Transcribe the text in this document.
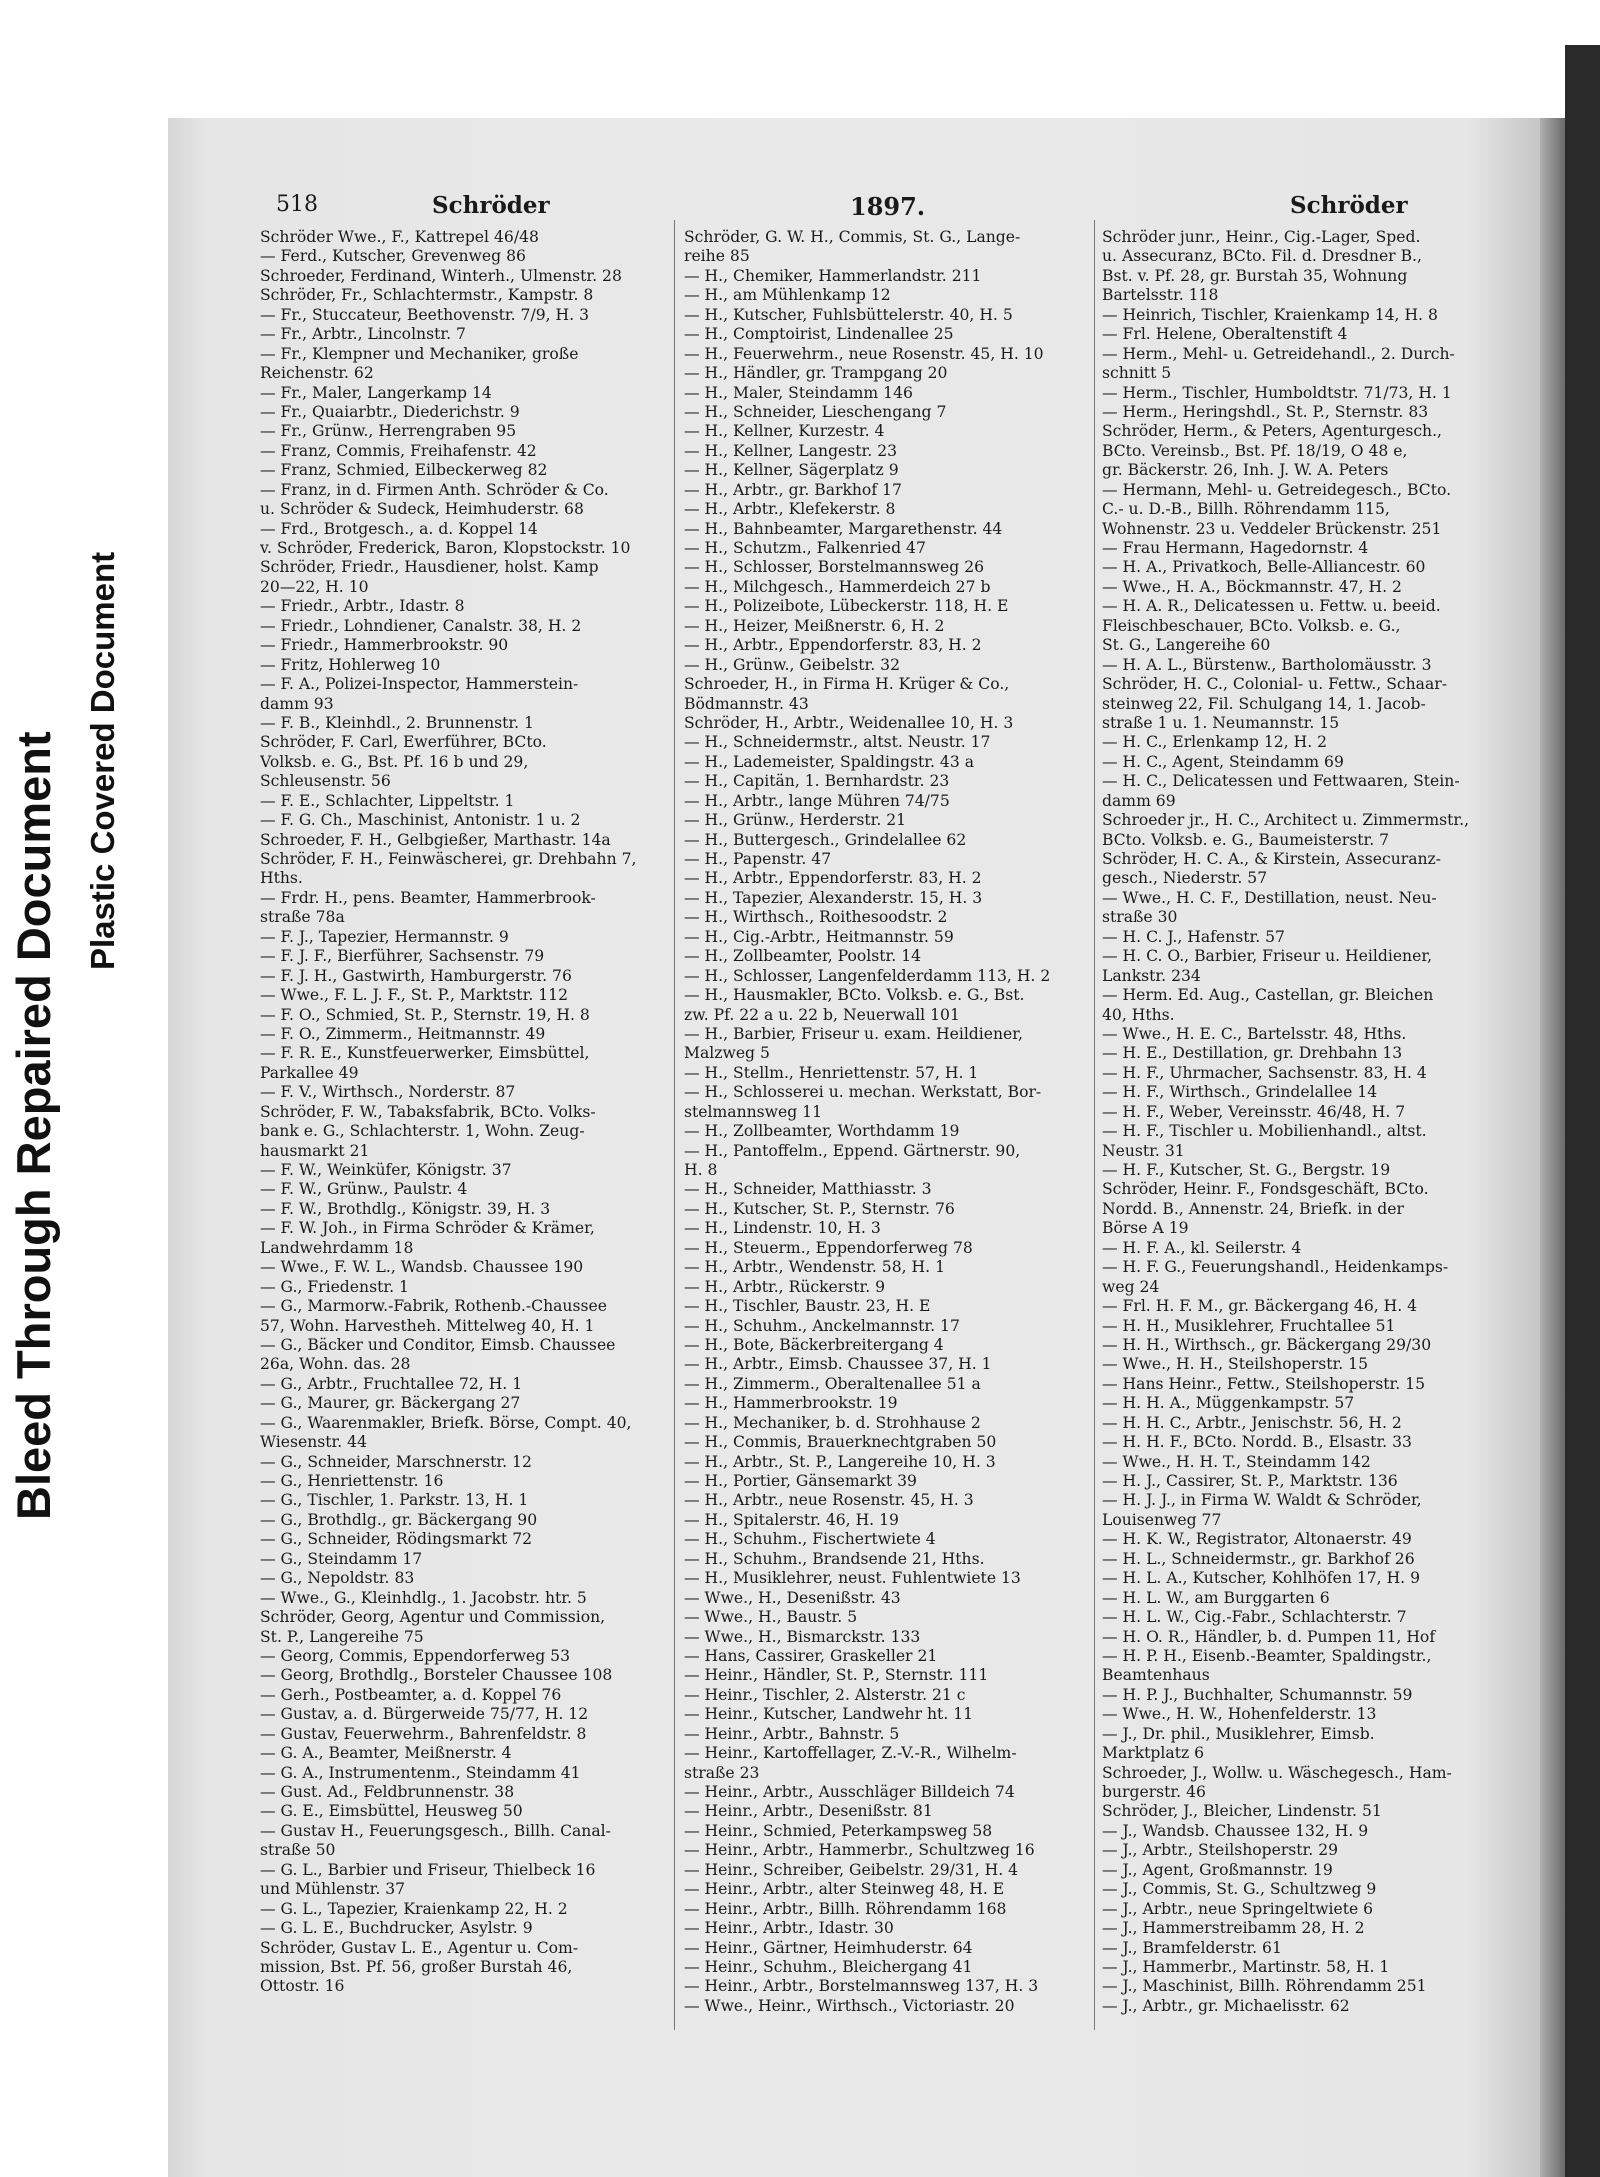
Bleed Through Repaired Document Plastic Covered Document
518	Schröder	1897.	Schröder
Schröder Wwe., F., Kattrepel 46/48
— Ferd., Kutscher, Grevenweg 86
Schroeder, Ferdinand, Winterh., Ulmenstr. 28
Schröder, Fr., Schlachtermstr., Kampstr. 8
— Fr., Stuccateur, Beethovenstr. 7/9, H. 3
— Fr., Arbtr., Lincolnstr. 7
— Fr., Klempner und Mechaniker, große
Reichenstr. 62
— Fr., Maler, Langerkamp 14
— Fr., Quaiarbtr., Diederichstr. 9
— Fr., Grünw., Herrengraben 95
— Franz, Commis, Freihafenstr. 42
— Franz, Schmied, Eilbeckerweg 82
— Franz, in d. Firmen Anth. Schröder & Co.
u. Schröder & Sudeck, Heimhuderstr. 68
— Frd., Brotgesch., a. d. Koppel 14
v. Schröder, Frederick, Baron, Klopstockstr. 10
Schröder, Friedr., Hausdiener, holst. Kamp
20—22, H. 10
— Friedr., Arbtr., Idastr. 8
— Friedr., Lohndiener, Canalstr. 38, H. 2
— Friedr., Hammerbrookstr. 90
— Fritz, Hohlerweg 10
— F. A., Polizei-Inspector, Hammerstein-
damm 93
— F. B., Kleinhdl., 2. Brunnenstr. 1
Schröder, F. Carl, Ewerführer, BCto.
Volksb. e. G., Bst. Pf. 16 b und 29,
Schleusenstr. 56
— F. E., Schlachter, Lippeltstr. 1
— F. G. Ch., Maschinist, Antonistr. 1 u. 2
Schroeder, F. H., Gelbgießer, Marthastr. 14a
Schröder, F. H., Feinwäscherei, gr. Drehbahn 7,
Hths.
— Frdr. H., pens. Beamter, Hammerbrook-
straße 78a
— F. J., Tapezier, Hermannstr. 9
— F. J. F., Bierführer, Sachsenstr. 79
— F. J. H., Gastwirth, Hamburgerstr. 76
— Wwe., F. L. J. F., St. P., Marktstr. 112
— F. O., Schmied, St. P., Sternstr. 19, H. 8
— F. O., Zimmerm., Heitmannstr. 49
— F. R. E., Kunstfeuerwerker, Eimsbüttel,
Parkallee 49
— F. V., Wirthsch., Norderstr. 87
Schröder, F. W., Tabaksfabrik, BCto. Volks-
bank e. G., Schlachterstr. 1, Wohn. Zeug-
hausmarkt 21
— F. W., Weinküfer, Königstr. 37
— F. W., Grünw., Paulstr. 4
— F. W., Brothdlg., Königstr. 39, H. 3
— F. W. Joh., in Firma Schröder & Krämer,
Landwehrdamm 18
— Wwe., F. W. L., Wandsb. Chaussee 190
— G., Friedenstr. 1
— G., Marmorw.-Fabrik, Rothenb.-Chaussee
57, Wohn. Harvestheh. Mittelweg 40, H. 1
— G., Bäcker und Conditor, Eimsb. Chaussee
26a, Wohn. das. 28
— G., Arbtr., Fruchtallee 72, H. 1
— G., Maurer, gr. Bäckergang 27
— G., Waarenmakler, Briefk. Börse, Compt. 40,
Wiesenstr. 44
— G., Schneider, Marschnerstr. 12
— G., Henriettenstr. 16
— G., Tischler, 1. Parkstr. 13, H. 1
— G., Brothdlg., gr. Bäckergang 90
— G., Schneider, Rödingsmarkt 72
— G., Steindamm 17
— G., Nepoldstr. 83
— Wwe., G., Kleinhdlg., 1. Jacobstr. htr. 5
Schröder, Georg, Agentur und Commission,
St. P., Langereihe 75
— Georg, Commis, Eppendorferweg 53
— Georg, Brothdlg., Borsteler Chaussee 108
— Gerh., Postbeamter, a. d. Koppel 76
— Gustav, a. d. Bürgerweide 75/77, H. 12
— Gustav, Feuerwehrm., Bahrenfeldstr. 8
— G. A., Beamter, Meißnerstr. 4
— G. A., Instrumentenm., Steindamm 41
— Gust. Ad., Feldbrunnenstr. 38
— G. E., Eimsbüttel, Heusweg 50
— Gustav H., Feuerungsgesch., Billh. Canal-
straße 50
— G. L., Barbier und Friseur, Thielbeck 16
und Mühlenstr. 37
— G. L., Tapezier, Kraienkamp 22, H. 2
— G. L. E., Buchdrucker, Asylstr. 9
Schröder, Gustav L. E., Agentur u. Com-
mission, Bst. Pf. 56, großer Burstah 46,
Ottostr. 16
Schröder, G. W. H., Commis, St. G., Lange-
reihe 85
— H., Chemiker, Hammerlandstr. 211
— H., am Mühlenkamp 12
— H., Kutscher, Fuhlsbüttelerstr. 40, H. 5
— H., Comptoirist, Lindenallee 25
— H., Feuerwehrm., neue Rosenstr. 45, H. 10
— H., Händler, gr. Trampgang 20
— H., Maler, Steindamm 146
— H., Schneider, Lieschengang 7
— H., Kellner, Kurzestr. 4
— H., Kellner, Langestr. 23
— H., Kellner, Sägerplatz 9
— H., Arbtr., gr. Barkhof 17
— H., Arbtr., Klefekerstr. 8
— H., Bahnbeamter, Margarethenstr. 44
— H., Schutzm., Falkenried 47
— H., Schlosser, Borstelmannsweg 26
— H., Milchgesch., Hammerdeich 27 b
— H., Polizeibote, Lübeckerstr. 118, H. E
— H., Heizer, Meißnerstr. 6, H. 2
— H., Arbtr., Eppendorferstr. 83, H. 2
— H., Grünw., Geibelstr. 32
Schroeder, H., in Firma H. Krüger & Co.,
Bödmannstr. 43
Schröder, H., Arbtr., Weidenallee 10, H. 3
— H., Schneidermstr., altst. Neustr. 17
— H., Lademeister, Spaldingstr. 43 a
— H., Capitän, 1. Bernhardstr. 23
— H., Arbtr., lange Mühren 74/75
— H., Grünw., Herderstr. 21
— H., Buttergesch., Grindelallee 62
— H., Papenstr. 47
— H., Arbtr., Eppendorferstr. 83, H. 2
— H., Tapezier, Alexanderstr. 15, H. 3
— H., Wirthsch., Roithesoodstr. 2
— H., Cig.-Arbtr., Heitmannstr. 59
— H., Zollbeamter, Poolstr. 14
— H., Schlosser, Langenfelderdamm 113, H. 2
— H., Hausmakler, BCto. Volksb. e. G., Bst.
zw. Pf. 22 a u. 22 b, Neuerwall 101
— H., Barbier, Friseur u. exam. Heildiener,
Malzweg 5
— H., Stellm., Henriettenstr. 57, H. 1
— H., Schlosserei u. mechan. Werkstatt, Bor-
stelmannsweg 11
— H., Zollbeamter, Worthdamm 19
— H., Pantoffelm., Eppend. Gärtnerstr. 90,
H. 8
— H., Schneider, Matthiasstr. 3
— H., Kutscher, St. P., Sternstr. 76
— H., Lindenstr. 10, H. 3
— H., Steuerm., Eppendorferweg 78
— H., Arbtr., Wendenstr. 58, H. 1
— H., Arbtr., Rückerstr. 9
— H., Tischler, Baustr. 23, H. E
— H., Schuhm., Anckelmannstr. 17
— H., Bote, Bäckerbreitergang 4
— H., Arbtr., Eimsb. Chaussee 37, H. 1
— H., Zimmerm., Oberaltenallee 51 a
— H., Hammerbrookstr. 19
— H., Mechaniker, b. d. Strohhause 2
— H., Commis, Brauerknechtgraben 50
— H., Arbtr., St. P., Langereihe 10, H. 3
— H., Portier, Gänsemarkt 39
— H., Arbtr., neue Rosenstr. 45, H. 3
— H., Spitalerstr. 46, H. 19
— H., Schuhm., Fischertwiete 4
— H., Schuhm., Brandsende 21, Hths.
— H., Musiklehrer, neust. Fuhlentwiete 13
— Wwe., H., Desenißstr. 43
— Wwe., H., Baustr. 5
— Wwe., H., Bismarckstr. 133
— Hans, Cassirer, Graskeller 21
— Heinr., Händler, St. P., Sternstr. 111
— Heinr., Tischler, 2. Alsterstr. 21 c
— Heinr., Kutscher, Landwehr ht. 11
— Heinr., Arbtr., Bahnstr. 5
— Heinr., Kartoffellager, Z.-V.-R., Wilhelm-
straße 23
— Heinr., Arbtr., Ausschläger Billdeich 74
— Heinr., Arbtr., Desenißstr. 81
— Heinr., Schmied, Peterkampsweg 58
— Heinr., Arbtr., Hammerbr., Schultzweg 16
— Heinr., Schreiber, Geibelstr. 29/31, H. 4
— Heinr., Arbtr., alter Steinweg 48, H. E
— Heinr., Arbtr., Billh. Röhrendamm 168
— Heinr., Arbtr., Idastr. 30
— Heinr., Gärtner, Heimhuderstr. 64
— Heinr., Schuhm., Bleichergang 41
— Heinr., Arbtr., Borstelmannsweg 137, H. 3
— Wwe., Heinr., Wirthsch., Victoriastr. 20
Schröder junr., Heinr., Cig.-Lager, Sped.
u. Assecuranz, BCto. Fil. d. Dresdner B.,
Bst. v. Pf. 28, gr. Burstah 35, Wohnung
Bartelsstr. 118
— Heinrich, Tischler, Kraienkamp 14, H. 8
— Frl. Helene, Oberaltenstift 4
— Herm., Mehl- u. Getreidehandl., 2. Durch-
schnitt 5
— Herm., Tischler, Humboldtstr. 71/73, H. 1
— Herm., Heringshdl., St. P., Sternstr. 83
Schröder, Herm., & Peters, Agenturgesch.,
BCto. Vereinsb., Bst. Pf. 18/19, O 48 e,
gr. Bäckerstr. 26, Inh. J. W. A. Peters
— Hermann, Mehl- u. Getreidegesch., BCto.
C.- u. D.-B., Billh. Röhrendamm 115,
Wohnenstr. 23 u. Veddeler Brückenstr. 251
— Frau Hermann, Hagedornstr. 4
— H. A., Privatkoch, Belle-Alliancestr. 60
— Wwe., H. A., Böckmannstr. 47, H. 2
— H. A. R., Delicatessen u. Fettw. u. beeid.
Fleischbeschauer, BCto. Volksb. e. G.,
St. G., Langereihe 60
— H. A. L., Bürstenw., Bartholomäusstr. 3
Schröder, H. C., Colonial- u. Fettw., Schaar-
steinweg 22, Fil. Schulgang 14, 1. Jacob-
straße 1 u. 1. Neumannstr. 15
— H. C., Erlenkamp 12, H. 2
— H. C., Agent, Steindamm 69
— H. C., Delicatessen und Fettwaaren, Stein-
damm 69
Schroeder jr., H. C., Architect u. Zimmermstr.,
BCto. Volksb. e. G., Baumeisterstr. 7
Schröder, H. C. A., & Kirstein, Assecuranz-
gesch., Niederstr. 57
— Wwe., H. C. F., Destillation, neust. Neu-
straße 30
— H. C. J., Hafenstr. 57
— H. C. O., Barbier, Friseur u. Heildiener,
Lankstr. 234
— Herm. Ed. Aug., Castellan, gr. Bleichen
40, Hths.
— Wwe., H. E. C., Bartelsstr. 48, Hths.
— H. E., Destillation, gr. Drehbahn 13
— H. F., Uhrmacher, Sachsenstr. 83, H. 4
— H. F., Wirthsch., Grindelallee 14
— H. F., Weber, Vereinsstr. 46/48, H. 7
— H. F., Tischler u. Mobilienhandl., altst.
Neustr. 31
— H. F., Kutscher, St. G., Bergstr. 19
Schröder, Heinr. F., Fondsgeschäft, BCto.
Nordd. B., Annenstr. 24, Briefk. in der
Börse A 19
— H. F. A., kl. Seilerstr. 4
— H. F. G., Feuerungshandl., Heidenkamps-
weg 24
— Frl. H. F. M., gr. Bäckergang 46, H. 4
— H. H., Musiklehrer, Fruchtallee 51
— H. H., Wirthsch., gr. Bäckergang 29/30
— Wwe., H. H., Steilshoperstr. 15
— Hans Heinr., Fettw., Steilshoperstr. 15
— H. H. A., Müggenkampstr. 57
— H. H. C., Arbtr., Jenischstr. 56, H. 2
— H. H. F., BCto. Nordd. B., Elsastr. 33
— Wwe., H. H. T., Steindamm 142
— H. J., Cassirer, St. P., Marktstr. 136
— H. J. J., in Firma W. Waldt & Schröder,
Louisenweg 77
— H. K. W., Registrator, Altonaerstr. 49
— H. L., Schneidermstr., gr. Barkhof 26
— H. L. A., Kutscher, Kohlhöfen 17, H. 9
— H. L. W., am Burggarten 6
— H. L. W., Cig.-Fabr., Schlachterstr. 7
— H. O. R., Händler, b. d. Pumpen 11, Hof
— H. P. H., Eisenb.-Beamter, Spaldingstr.,
Beamtenhaus
— H. P. J., Buchhalter, Schumannstr. 59
— Wwe., H. W., Hohenfelderstr. 13
— J., Dr. phil., Musiklehrer, Eimsb.
Marktplatz 6
Schroeder, J., Wollw. u. Wäschegesch., Ham-
burgerstr. 46
Schröder, J., Bleicher, Lindenstr. 51
— J., Wandsb. Chaussee 132, H. 9
— J., Arbtr., Steilshoperstr. 29
— J., Agent, Großmannstr. 19
— J., Commis, St. G., Schultzweg 9
— J., Arbtr., neue Springeltwiete 6
— J., Hammerstreibamm 28, H. 2
— J., Bramfelderstr. 61
— J., Hammerbr., Martinstr. 58, H. 1
— J., Maschinist, Billh. Röhrendamm 251
— J., Arbtr., gr. Michaelisstr. 62
